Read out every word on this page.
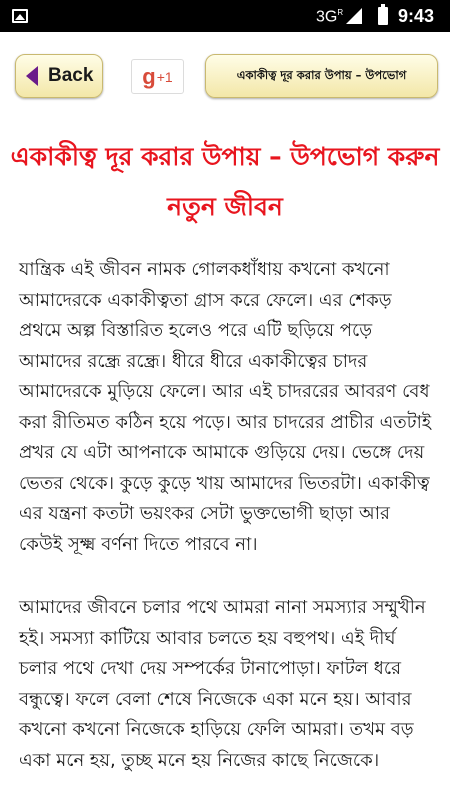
$3G^R$	9:43
Back g +1	একাকীত্ব দূর করার উপায় – উপভোগ
একাকীত্ব দূর করার উপায় – উপভোগ করুন নতুন জীবন

যান্ত্রিক এই জীবন নামক গোলকধাঁধায় কখনো কখনো আমাদেরকে একাকীত্বতা গ্রাস করে ফেলে। এর শেকড় প্রথমে অল্প বিস্তারিত হলেও পরে এটি ছড়িয়ে পড়ে আমাদের রন্ধ্রে রন্ধ্রে। ধীরে ধীরে একাকীত্বের চাদর আমাদেরকে মুড়িয়ে ফেলে। আর এই চাদররের আবরণ বেধ করা রীতিমত কঠিন হয়ে পড়ে। আর চাদরের প্রাচীর এতটাই প্রখর যে এটা আপনাকে আমাকে গুড়িয়ে দেয়। ভেঙ্গে দেয় ভেতর থেকে। কুড়ে কুড়ে খায় আমাদের ভিতরটা। একাকীত্ব এর যন্ত্রনা কতটা ভয়ংকর সেটা ভুক্তভোগী ছাড়া আর কেউই সূক্ষ্ম বর্ণনা দিতে পারবে না।

আমাদের জীবনে চলার পথে আমরা নানা সমস্যার সম্মুখীন হই। সমস্যা কাটিয়ে আবার চলতে হয় বহুপথ। এই দীর্ঘ চলার পথে দেখা দেয় সম্পর্কের টানাপোড়া। ফাটল ধরে বন্ধুত্বে। ফলে বেলা শেষে নিজেকে একা মনে হয়। আবার কখনো কখনো নিজেকে হাড়িয়ে ফেলি আমরা। তখম বড় একা মনে হয়, তুচ্ছ মনে হয় নিজের কাছে নিজেকে।
